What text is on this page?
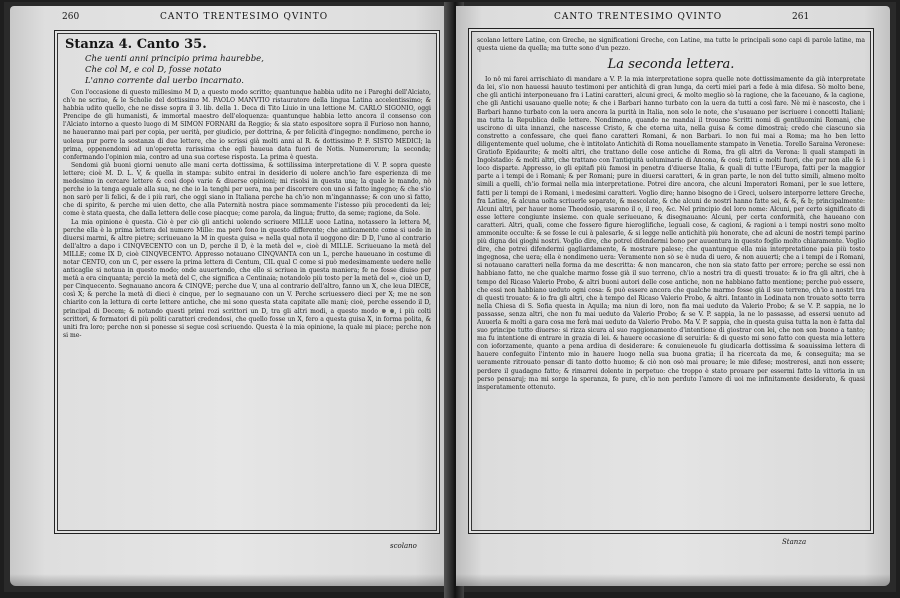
260	CANTO TRENTESIMO QVINTO
Stanza 4. Canto 35.
Che uenti anni principio prima haurebbe,
Che col M, e col D, fosse notato
L'anno corrente dal uerbo incarnato.

Con l'occasione di questo millesimo M D, a questo modo scritto; quantunque habbia udito ne i Pareghi dell'Alciato, ch'e ne scriue, & le Scholie del dottissimo M. PAOLO MANVTIO ristauratore della lingua Latina accelentissimo; & habbia udito quello, che ne disse sopra il 3. lib. della 1. Deca di Tito Liuio in una lettione M. CARLO SIGONIO, oggi Prencipe de gli humanisti, & immortal maestro dell'eloquenza: quantunque habbia letto ancora il consenso con l'Alciato intorno a questo luogo di M SIMON FORNARI da Reggio; & sia stato espositore sopra il Furioso non hanno, ne haueranno mai pari per copia, per uerità, per giudicio, per dottrina, & per felicità d'ingegno: nondimeno, perche io uoleua pur porre la sostanza di due lettere, che io scrissi già molti anni al R. & dottissimo P. F. SISTO MEDICI; la prima, oppenendomi ad un'operetta rarissima che egli haueua data fuori de Notis. Numerorum; la seconda; confermando l'opinion mia, contro ad una sua cortese risposta. La prima è questa.

Sendomi già buoni giorni uenuto alle mani certa dottissima, & sottilissima interpretatione di V. P. sopra queste lettere; cioè M. D. L. V, & quella in stampa: subito entrai in desiderio di uolere anch'io fare esperienza di me medesimo in cercare lettere & così dopò varie & diuerse opinioni; mi risolsi in questa una; la quale le mando, nò perche io la tenga eguale alla sua, ne che io la tenghi per uera, ma per discorrere con uno si fatto ingegno; & che s'io non sarò per li felici, & de i più rari, che oggi siano in Italiana perche ha ch'io non m'ingannasse; & con uno sì fatto, che di spirito, & perche mi uien detto, che alla Paternità nostra piace sommamente l'istesso più procedenti da lei; come è stata questa, che dalla lettera delle cose piacque; come parola, da lingua; frutto, da seme; ragione, da Sole.

La mia opinione è questa. Ciò è per ciò gli antichi uolendo scriuere MILLE uoce Latina, notassero la lettera M, perche ella è la prima lettera del numero Mille: ma però fono in questo differente; che anticamente come si uede in diuersi marmi, & altre pietre; scriueuano la M in questa guisa ∞ nella qual nota il uoggono dir: D D, l'uno al contrario dell'altro a dapo i CINQVECENTO con un D, perche il D, è la metà del ∞, cioè di MILLE. Scriueuano la metà del MILLE; come IX D, cioè CINQVECENTO. Appresso notauano CINQVANTA con un L, perche haueuano in costume di notar CENTO, con un C, per essere la prima lettera di Centum, CIL qual C come si può medesimamente uedere nelle anticaglie si notaua in questo modo; onde auuertendo, che ello si scriuea in questa maniera; fe ne fosse diuiso per metà a era cinquanta; perciò la metà del C, che significa a Centinaia; notandolo più tosto per la metà del ∞, cioè un D, per Cinquecento. Segnauano ancora & CINQVE; perche due V, una al contrario dell'altro, fanno un X, che leua DIECE, così X; & perche la metà di dieci è cinque, per lo segnauano con un V. Perche scriuessero dieci per X; me ne son chiarito con la lettura di certe lettere antiche, che mi sono questa stata capitate alle mani; cioè, perche essendo il D, principal di Decem; & notando questi primi rozi scrittori un D, tra gli altri modi, a questo modo ⊗ ⊗, i più colti scrittori, & formatori di più politi caratteri credendosi, che quello fosse un X, fero a questa guisa X, in forma polita, & uniti fra loro; perche non si ponesse si segue così scriuendo. Questa è la mia opinione, la quale mi piace; perche non si me-

scolano
CANTO TRENTESIMO QVINTO	261

scolano lettere Latine, con Greche, ne significationi Greche, con Latine, ma tutte le principali sono capi di parole latine, ma questa uiene da quella; ma tutte sono d'un pezzo.

La seconda lettera.

Io nô mi farei arrischiato di mandare a V. P. la mia interpretatione sopra quelle note dottissimamente da già interpretate da lei, s'io non hauessi hauuto testimoni per antichità di gran lunga, da certi miei pari a fede à mia difesa. Sò molto bene, che gli antichi interponeuano fra i Latini caratteri, alcuni greci, & molto meglio sò la ragione, che la faceuano, & la cagione, che gli Antichi usauano quelle note; & che i Barbari hanno turbato con la uera da tutti a così fare. Nè mi è nascosto, che i Barbari hanno turbato con la uera ancora la purità in Italia, non solo le note, che s'usauano per iscriuere i concetti Italiani; ma tutta la Republica delle lettere. Nondimeno, quando ne mandai il trouano Scritti nomi di gentiluomini Romani, che uscirono di uita innanzi, che nascesse Cristo, & che eterna uita, nella guisa & come dimostrai; credo che ciascuno sia constretto a confessare, che quei fiano caratteri Romani, & non Barbari. Io non fui mai a Roma; ma ho ben letto diligentemente quel uolume, che è intitolato Antichità di Roma nouellamente stampato in Venetia. Torello Saraina Veronese: Gratiofo Epidaurite; & molti altri, che trattano delle cose antiche di Roma, fra gli altri da Verona: li quali stampati in Ingolstadio: & molti altri, che trattano con l'antiquità uoluminarie di Ancona, & cosi; fatti e molti fuori, che pur non alle & i loco disparte. Appresso, io gli epitafi più famosi in penetra d'diuerse Italia, & quali di tutte l'Europa, fatti per la maggior parte a i tempi de i Romani; & per Romani; pure in diuersi caratteri, & in gran parte, le non del tutto simili, almeno molto simili a quelli, ch'io formai nella mia interpretatione. Potrei dire ancora, che alcuni Imperatori Romani, per le sue lettere, fatti per li tempi de i Romani, i medesimi caratteri. Voglio dire; hanno bisogno de i Greci, uolsero interporre lettere Greche, fra Latine, & alcuna uolta scriuerle separate, & mescolate, & che alcuni de nostri hanno fatte sei, & &, & b; principalmente: Alcuni altri, per hauer nome Theodosio, usarono il o, il reo, &c. Nel principio del loro nome: Alcuni, per certo significato di esse lettere congiunte insieme. con quale seriueuano, & disegnauano: Alcuni, per certa conformità, che haueano con caratteri. Altri, quali, come che fossero figure hieroglifiche, leguali cose, & cagioni, & ragioni a i tempi nostri sono molto ammonite occulte: & se fosse le cui à palesarle, & si legge nelle antichità più honorate, che ad alcuni de nostri tempi parino più digna dei gioghi nostri. Voglio dire, che potrei difendermi bono per auuentura in questo foglio molto chiaramente. Voglio dire, che potrei difendermi gagliardamente, & mostrare palese; che quantunque ella mia interpretatione paia più tosto ingegnosa, che uera; ella è nondimeno uera: Veramente non sò se è nuda di uero, & non auuerti; che a i tempi de i Romani, si notauano caratteri nella forma da me descritta: & non mancaron, che non sia stato fatto per errore; perche se essi non habbiano fatto, ne che qualche marmo fosse già il suo terreno, ch'io a nostri tra di questi trouato: & io fra gli altri, che à tempo del Ricaso Valerio Probo, & altri buoni autori delle cose antiche, non ne habbiano fatto mentione; perche può essere, che essi non habbiano ueduto ogni cosa: & può essere ancora che qualche marmo fosse già il suo terreno, ch'io a nostri tra di questi trouato: & io fra gli altri, che à tempo del Ricaso Valerio Probo, & altri. Intanto in Lodinata non trouato sotto terra nella Chiesa di S. Sofia questa in Aquila; ma niun di loro, non fia mai ueduto da Valerio Probo; & se V. P. sappia, ne lo passasse, senza altri, che non fu mai ueduto da Valerio Probo; & se V. P. sappia, la ne lo passasse, ad essersi uenuto ad Auuerla & molti a gara cosa me ferà mai ueduto da Valerio Probo. Ma V. P. sappia, che in questa guisa tutta la non è fatta dal suo principe tutto diuerso: si rizza sicura al suo raggionamento d'intentione di giostrar con lei, che non son buono a tanto; ma fu intentione di entrare in grazia di lei. & hauere occasione di seruirla: & di questo mi sono fatto con questa mia lettera con ioforzamente, quanto a pena ardiua di desiderare: & conuieneuole fu giudicarla dottissima & soauissima lettera di hauere confeguito l'intento mio in hauere luogo nella sua buona gratia; il ha ricercata da me, & conseguita; ma se ueramente ritrouato pensar di tanto dotto huomo; & ciò non osò mai prouare; le mie difese; mostreresi, anzi non essere; perdere il guadagno fatto; & rimarrei dolente in perpetuo: che troppo è stato prouare per essermi fatto la vittoria in un perso pensaruj; ma mi sorge la speranza, fe pure, ch'io non perduto l'amore di uoi me infinitamente desiderato, & quasi insperatamente ottenuto.

Stanza
